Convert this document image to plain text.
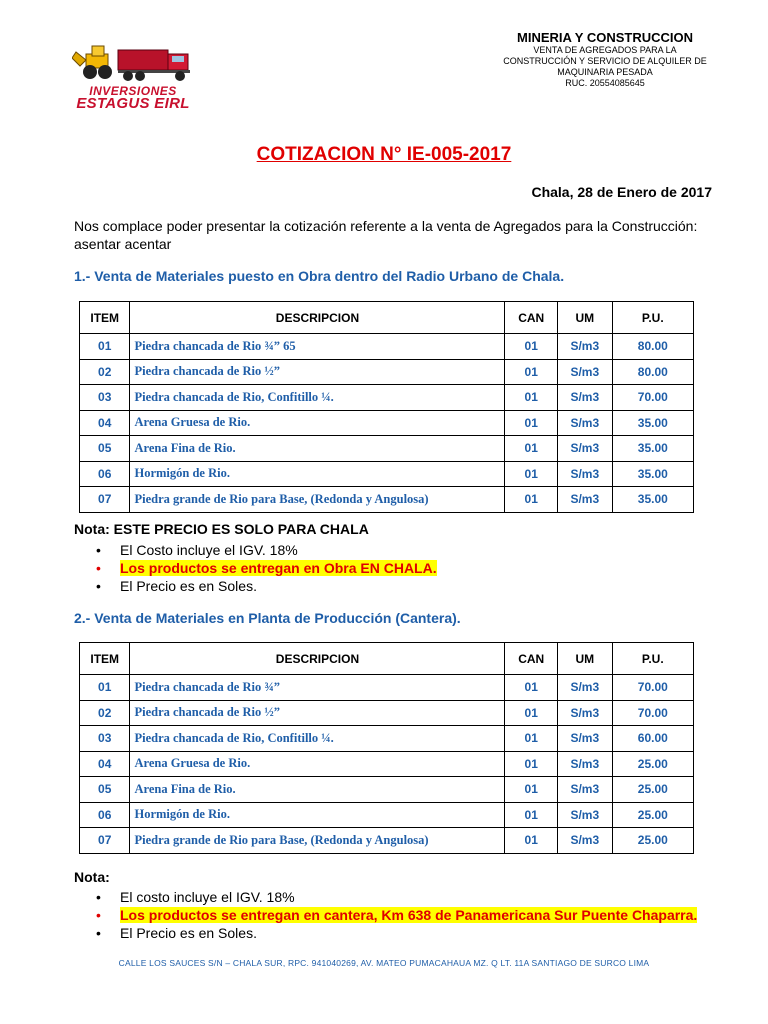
INVERSIONES
ESTAGUS EIRL
MINERIA Y CONSTRUCCION
VENTA DE AGREGADOS PARA LA
CONSTRUCCIÓN Y SERVICIO DE ALQUILER DE
MAQUINARIA PESADA
RUC. 20554085645
COTIZACION N° IE-005-2017
Chala, 28 de Enero de 2017
Nos complace poder presentar la cotización referente a la venta de Agregados para la Construcción: asentar acentar
1.- Venta de Materiales puesto en Obra dentro del Radio Urbano de Chala.
ITEM	DESCRIPCION	CAN	UM	P.U.
01	Piedra chancada de Rio ¾” 65	01	S/m3	80.00
02	Piedra chancada de Rio ½”	01	S/m3	80.00
03	Piedra chancada de Rio, Confitillo ¼.	01	S/m3	70.00
04	Arena Gruesa de Rio.	01	S/m3	35.00
05	Arena Fina de Rio.	01	S/m3	35.00
06	Hormigón de Rio.	01	S/m3	35.00
07	Piedra grande de Rio para Base, (Redonda y Angulosa)	01	S/m3	35.00
Nota: ESTE PRECIO ES SOLO PARA CHALA
• El Costo incluye el IGV. 18%
• Los productos se entregan en Obra EN CHALA.
• El Precio es en Soles.
2.- Venta de Materiales en Planta de Producción (Cantera).
ITEM	DESCRIPCION	CAN	UM	P.U.
01	Piedra chancada de Rio ¾”	01	S/m3	70.00
02	Piedra chancada de Rio ½”	01	S/m3	70.00
03	Piedra chancada de Rio, Confitillo ¼.	01	S/m3	60.00
04	Arena Gruesa de Rio.	01	S/m3	25.00
05	Arena Fina de Rio.	01	S/m3	25.00
06	Hormigón de Rio.	01	S/m3	25.00
07	Piedra grande de Rio para Base, (Redonda y Angulosa)	01	S/m3	25.00
Nota:
• El costo incluye el IGV. 18%
• Los productos se entregan en cantera, Km 638 de Panamericana Sur Puente Chaparra.
• El Precio es en Soles.
CALLE LOS SAUCES S/N – CHALA SUR, RPC. 941040269, AV. MATEO PUMACAHAUA MZ. Q LT. 11A SANTIAGO DE SURCO LIMA
